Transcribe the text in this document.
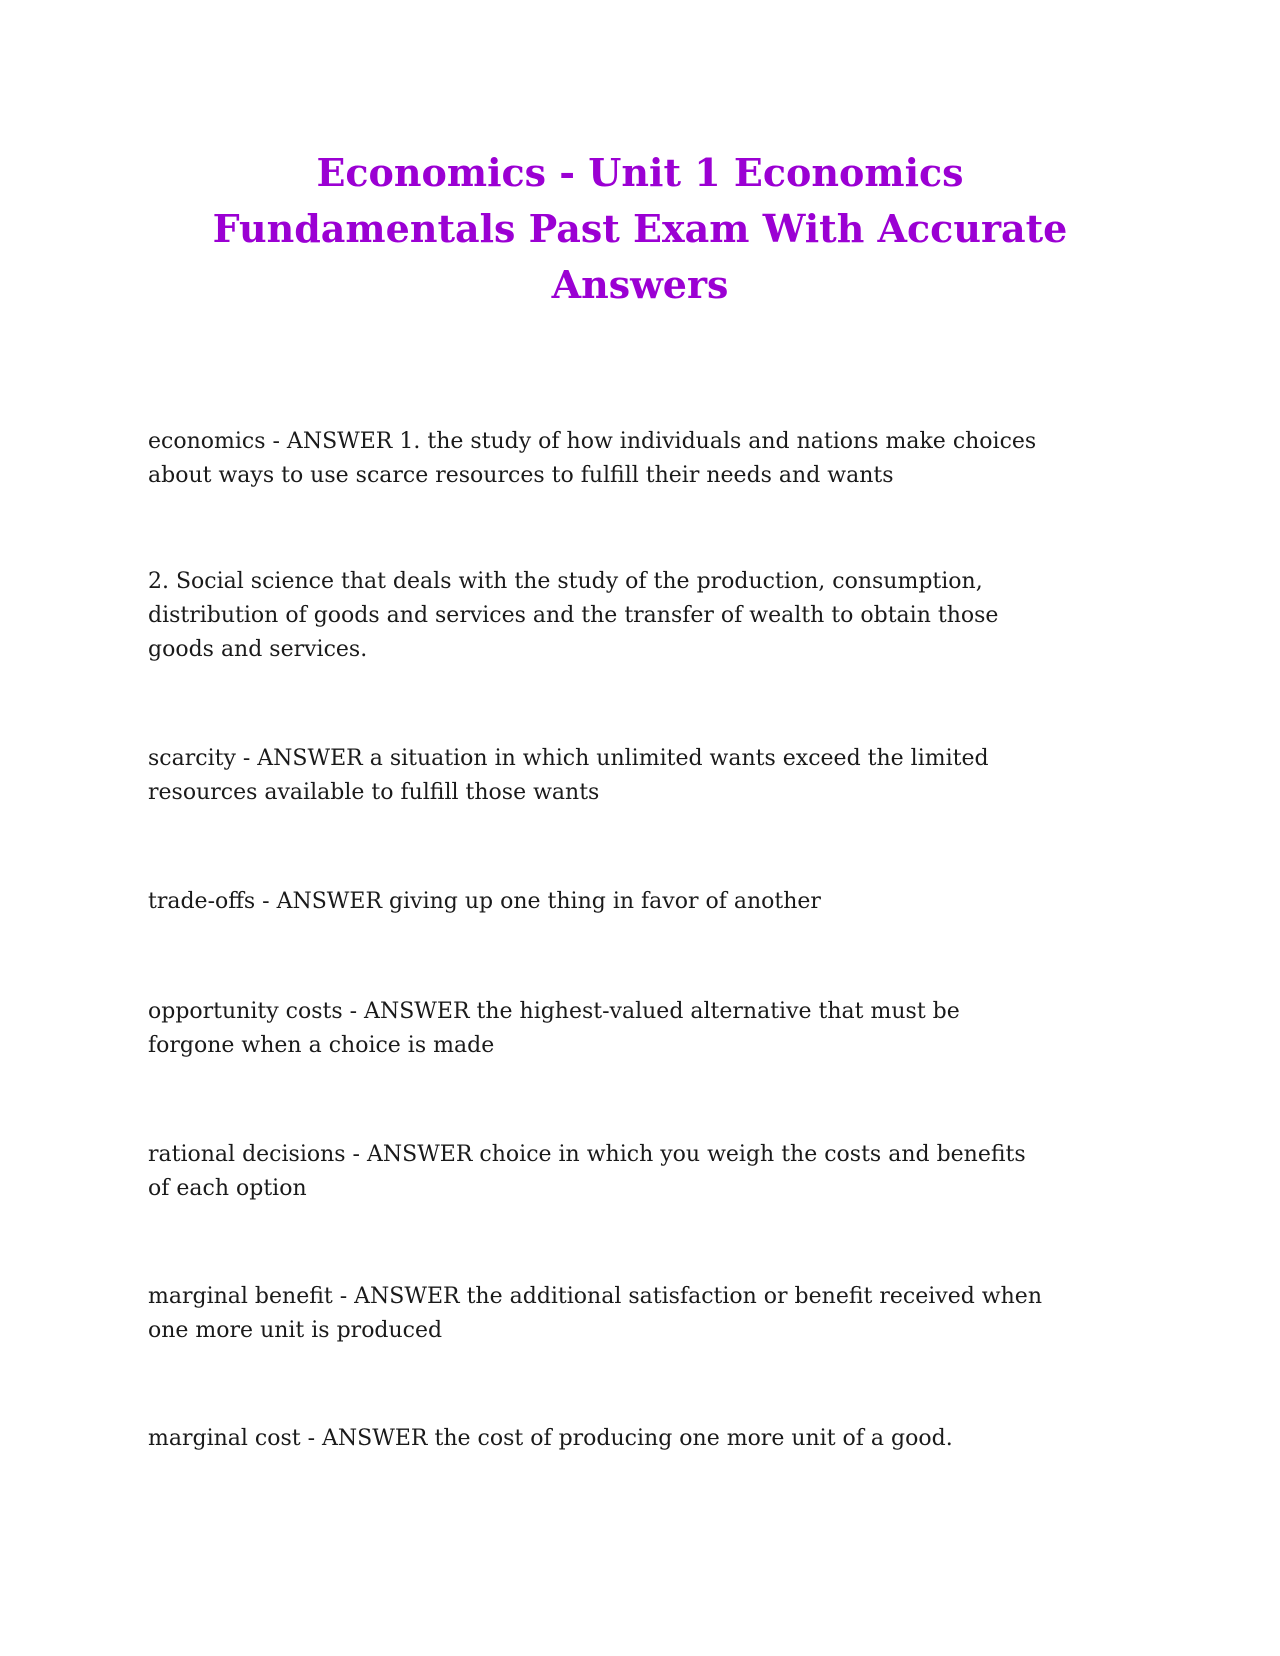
Economics - Unit 1 Economics
Fundamentals Past Exam With Accurate
Answers

economics - ANSWER 1. the study of how individuals and nations make choices
about ways to use scarce resources to fulfill their needs and wants

2. Social science that deals with the study of the production, consumption,
distribution of goods and services and the transfer of wealth to obtain those
goods and services.

scarcity - ANSWER a situation in which unlimited wants exceed the limited
resources available to fulfill those wants

trade-offs - ANSWER giving up one thing in favor of another

opportunity costs - ANSWER the highest-valued alternative that must be
forgone when a choice is made

rational decisions - ANSWER choice in which you weigh the costs and benefits
of each option

marginal benefit - ANSWER the additional satisfaction or benefit received when
one more unit is produced

marginal cost - ANSWER the cost of producing one more unit of a good.
